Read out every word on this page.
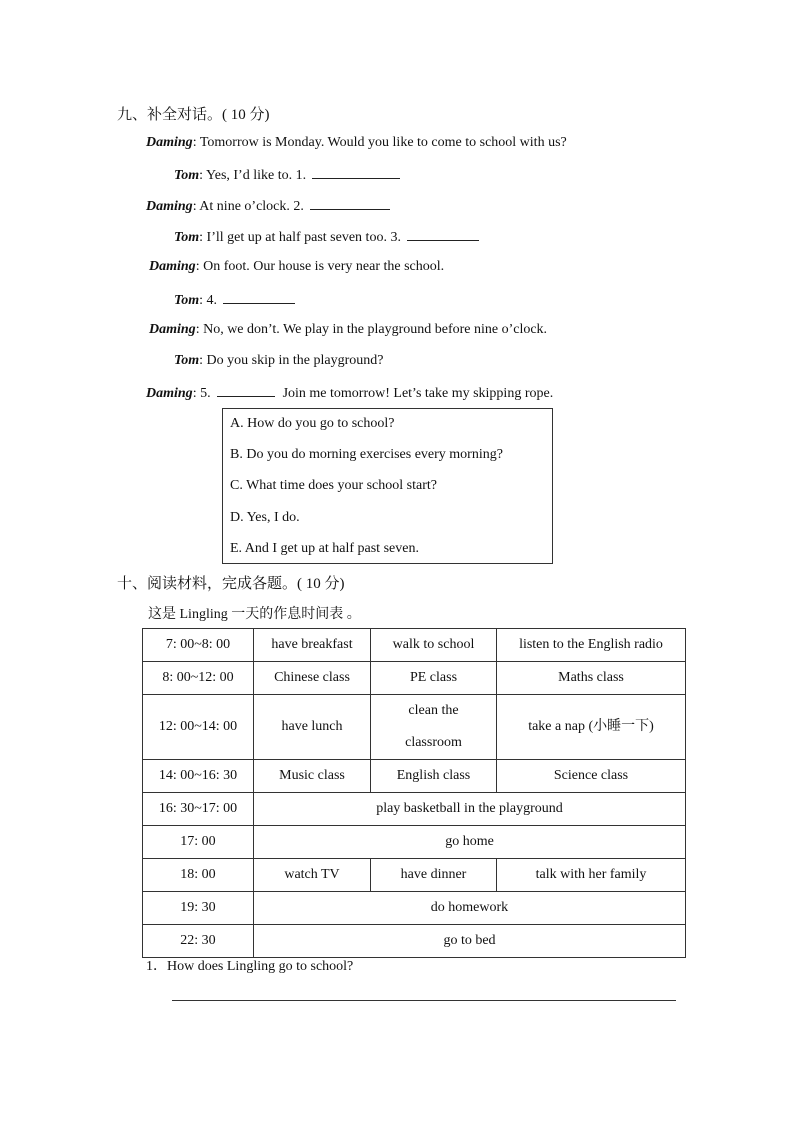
九、补全对话。( 10 分)
Daming: Tomorrow is Monday. Would you like to come to school with us?
Tom: Yes, I’d like to. 1.
Daming: At nine o’clock. 2.
Tom: I’ll get up at half past seven too. 3.
Daming: On foot. Our house is very near the school.
Tom: 4.
Daming: No, we don’t. We play in the playground before nine o’clock.
Tom: Do you skip in the playground?
Daming: 5.	Join me tomorrow! Let’s take my skipping rope.
A. How do you go to school?
B. Do you do morning exercises every morning?
C. What time does your school start?
D. Yes, I do.
E. And I get up at half past seven.
十、阅读材料，完成各题。( 10 分)
这是 Lingling 一天的作息时间表 。
7: 00~8: 00	have breakfast	walk to school	listen to the English radio
8: 00~12: 00	Chinese class	PE class	Maths class
12: 00~14: 00	have lunch	clean the classroom	take a nap (小睡一下)
14: 00~16: 30	Music class	English class	Science class
16: 30~17: 00	play basketball in the playground		
17: 00	go home		
18: 00	watch TV	have dinner	talk with her family
19: 30	do homework		
22: 30	go to bed		
1．How does Lingling go to school?
